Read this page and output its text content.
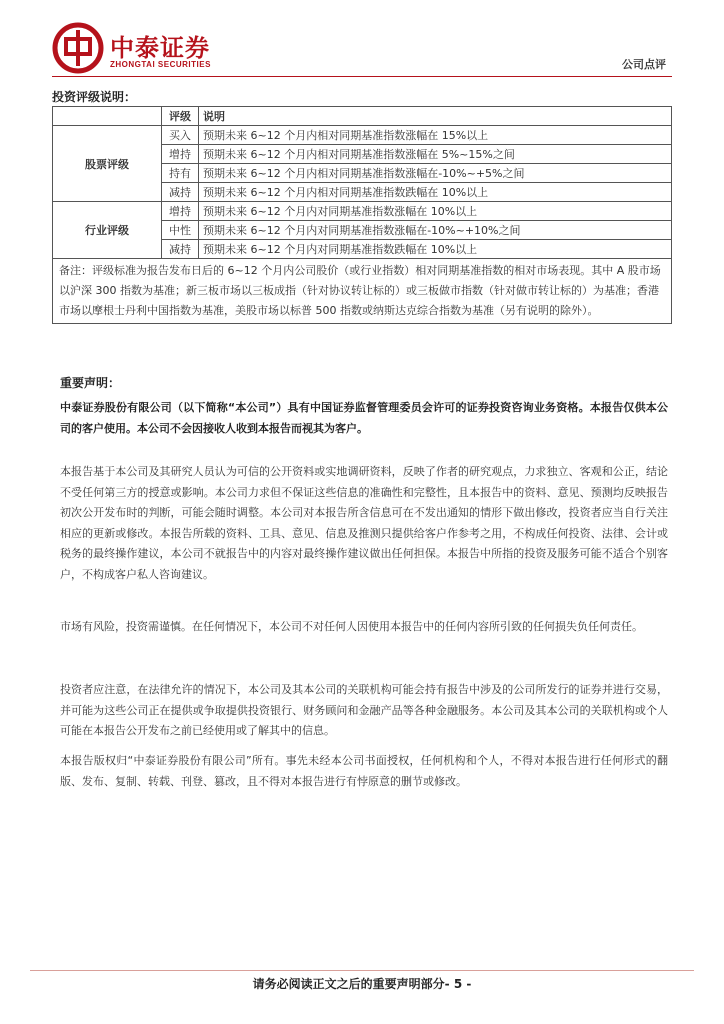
中泰证券
ZHONGTAI SECURITIES	公司点评
投资评级说明：
	评级	说明
股票评级	买入	预期未来 6~12 个月内相对同期基准指数涨幅在 15%以上
	增持	预期未来 6~12 个月内相对同期基准指数涨幅在 5%~15%之间
	持有	预期未来 6~12 个月内相对同期基准指数涨幅在-10%~+5%之间
	减持	预期未来 6~12 个月内相对同期基准指数跌幅在 10%以上
行业评级	增持	预期未来 6~12 个月内对同期基准指数涨幅在 10%以上
	中性	预期未来 6~12 个月内对同期基准指数涨幅在-10%~+10%之间
	减持	预期未来 6~12 个月内对同期基准指数跌幅在 10%以上
备注：评级标准为报告发布日后的 6~12 个月内公司股价（或行业指数）相对同期基准指数的相对市场表现。其中 A 股市场以沪深 300 指数为基准；新三板市场以三板成指（针对协议转让标的）或三板做市指数（针对做市转让标的）为基准；香港市场以摩根士丹利中国指数为基准，美股市场以标普 500 指数或纳斯达克综合指数为基准（另有说明的除外）。		
重要声明：
中泰证券股份有限公司（以下简称“本公司”）具有中国证券监督管理委员会许可的证券投资咨询业务资格。本报告仅供本公司的客户使用。本公司不会因接收人收到本报告而视其为客户。
本报告基于本公司及其研究人员认为可信的公开资料或实地调研资料，反映了作者的研究观点，力求独立、客观和公正，结论不受任何第三方的授意或影响。本公司力求但不保证这些信息的准确性和完整性，且本报告中的资料、意见、预测均反映报告初次公开发布时的判断，可能会随时调整。本公司对本报告所含信息可在不发出通知的情形下做出修改，投资者应当自行关注相应的更新或修改。本报告所载的资料、工具、意见、信息及推测只提供给客户作参考之用，不构成任何投资、法律、会计或税务的最终操作建议，本公司不就报告中的内容对最终操作建议做出任何担保。本报告中所指的投资及服务可能不适合个别客户，不构成客户私人咨询建议。
市场有风险，投资需谨慎。在任何情况下，本公司不对任何人因使用本报告中的任何内容所引致的任何损失负任何责任。
投资者应注意，在法律允许的情况下，本公司及其本公司的关联机构可能会持有报告中涉及的公司所发行的证券并进行交易，并可能为这些公司正在提供或争取提供投资银行、财务顾问和金融产品等各种金融服务。本公司及其本公司的关联机构或个人可能在本报告公开发布之前已经使用或了解其中的信息。
本报告版权归“中泰证券股份有限公司”所有。事先未经本公司书面授权，任何机构和个人，不得对本报告进行任何形式的翻版、发布、复制、转载、刊登、篡改，且不得对本报告进行有悖原意的删节或修改。
请务必阅读正文之后的重要声明部分- 5 -
